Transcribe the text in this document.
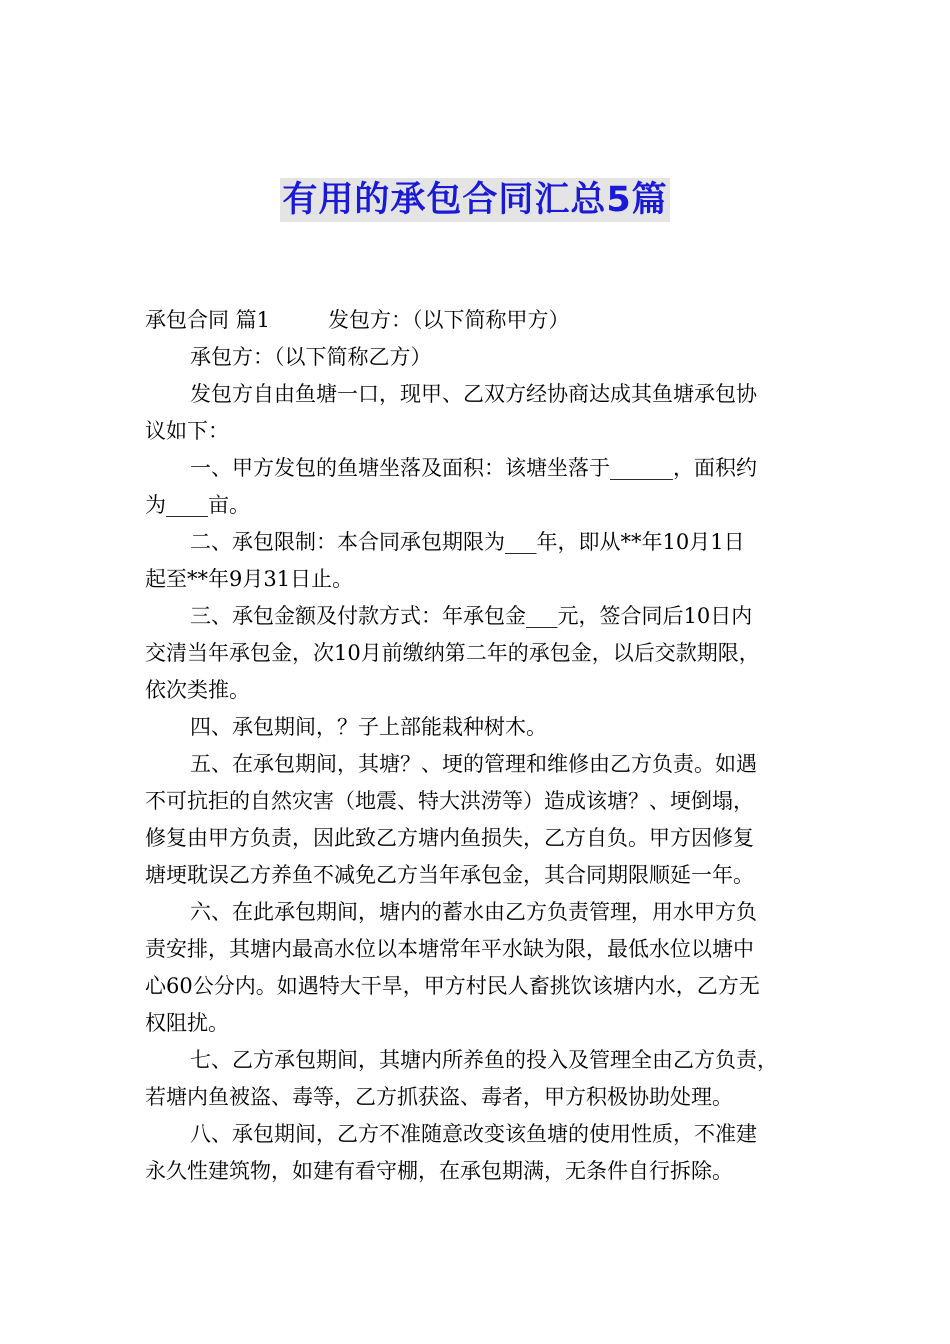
有用的承包合同汇总5篇
承包合同 篇1	发包方：（以下简称甲方）
承包方：（以下简称乙方）
发包方自由鱼塘一口，现甲、乙双方经协商达成其鱼塘承包协
议如下：
一、甲方发包的鱼塘坐落及面积：该塘坐落于______，面积约
为____亩。
二、承包限制：本合同承包期限为___年，即从**年10月1日
起至**年9月31日止。
三、承包金额及付款方式：年承包金___元，签合同后10日内
交清当年承包金，次10月前缴纳第二年的承包金，以后交款期限，
依次类推。
四、承包期间，？子上部能栽种树木。
五、在承包期间，其塘？、埂的管理和维修由乙方负责。如遇
不可抗拒的自然灾害（地震、特大洪涝等）造成该塘？、埂倒塌，
修复由甲方负责，因此致乙方塘内鱼损失，乙方自负。甲方因修复
塘埂耽误乙方养鱼不减免乙方当年承包金，其合同期限顺延一年。
六、在此承包期间，塘内的蓄水由乙方负责管理，用水甲方负
责安排，其塘内最高水位以本塘常年平水缺为限，最低水位以塘中
心60公分内。如遇特大干旱，甲方村民人畜挑饮该塘内水，乙方无
权阻扰。
七、乙方承包期间，其塘内所养鱼的投入及管理全由乙方负责，
若塘内鱼被盗、毒等，乙方抓获盗、毒者，甲方积极协助处理。
八、承包期间，乙方不准随意改变该鱼塘的使用性质，不准建
永久性建筑物，如建有看守棚，在承包期满，无条件自行拆除。
